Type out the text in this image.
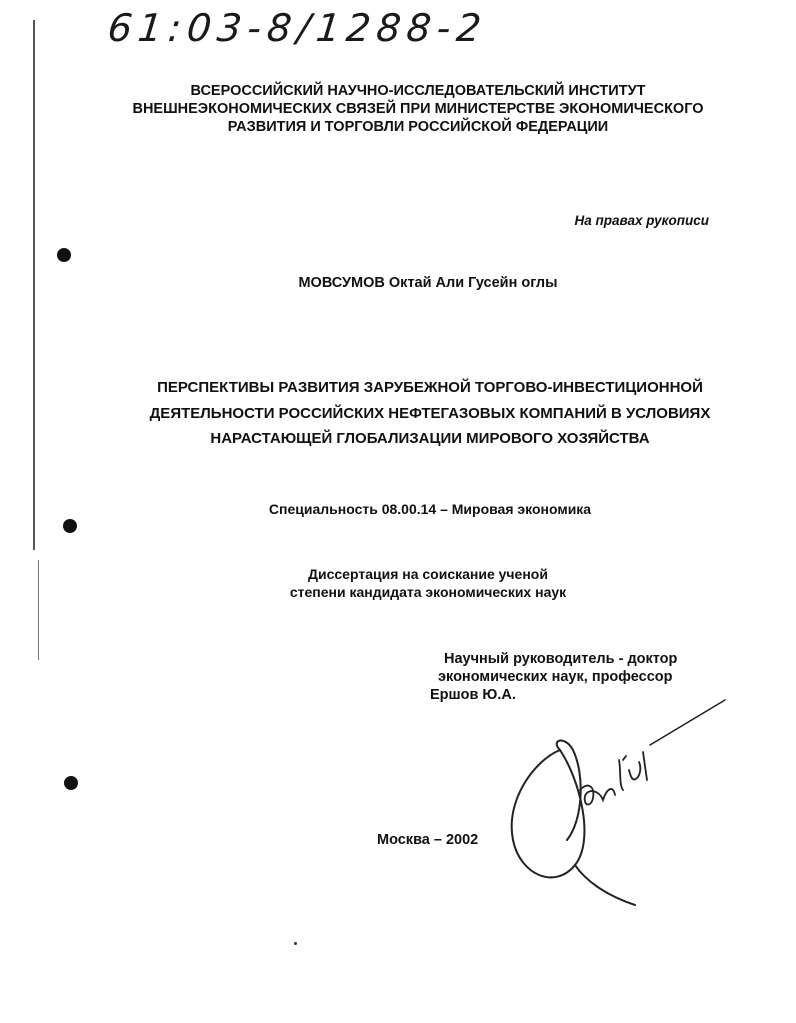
61:03-8/1288-2
ВСЕРОССИЙСКИЙ НАУЧНО-ИССЛЕДОВАТЕЛЬСКИЙ ИНСТИТУТ
ВНЕШНЕЭКОНОМИЧЕСКИХ СВЯЗЕЙ ПРИ МИНИСТЕРСТВЕ ЭКОНОМИЧЕСКОГО
РАЗВИТИЯ И ТОРГОВЛИ РОССИЙСКОЙ ФЕДЕРАЦИИ
На правах рукописи
МОВСУМОВ Октай Али Гусейн оглы
ПЕРСПЕКТИВЫ РАЗВИТИЯ ЗАРУБЕЖНОЙ ТОРГОВО-ИНВЕСТИЦИОННОЙ
ДЕЯТЕЛЬНОСТИ РОССИЙСКИХ НЕФТЕГАЗОВЫХ КОМПАНИЙ В УСЛОВИЯХ
НАРАСТАЮЩЕЙ ГЛОБАЛИЗАЦИИ МИРОВОГО ХОЗЯЙСТВА
Специальность 08.00.14 – Мировая экономика
Диссертация на соискание ученой
степени кандидата экономических наук
Научный руководитель - доктор
экономических наук, профессор
Ершов Ю.А.
Москва – 2002
